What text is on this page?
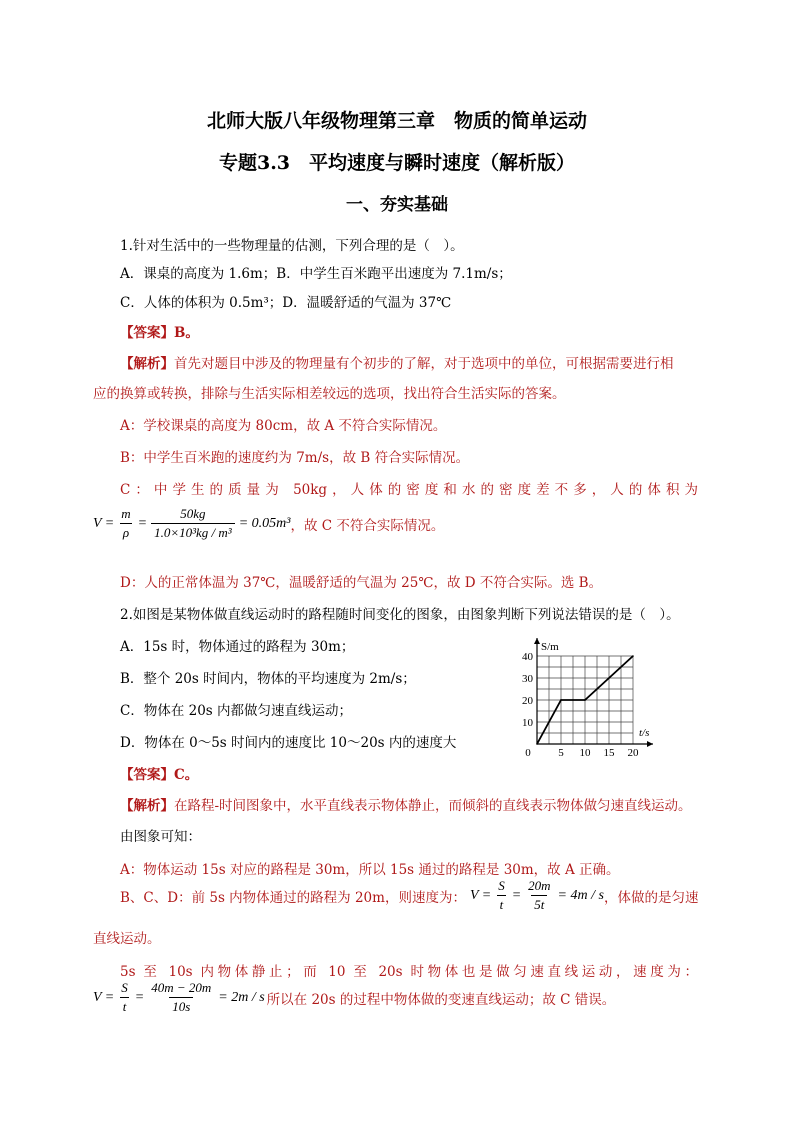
北师大版八年级物理第三章　物质的简单运动
专题3.3　平均速度与瞬时速度（解析版）
一、夯实基础
1.针对生活中的一些物理量的估测，下列合理的是（　）。
A．课桌的高度为 1.6m；B．中学生百米跑平出速度为 7.1m/s；
C．人体的体积为 0.5m³；D．温暖舒适的气温为 37℃
【答案】B。
【解析】首先对题目中涉及的物理量有个初步的了解，对于选项中的单位，可根据需要进行相
应的换算或转换，排除与生活实际相差较远的选项，找出符合生活实际的答案。
A：学校课桌的高度为 80cm，故 A 不符合实际情况。
B：中学生百米跑的速度约为 7m/s，故 B 符合实际情况。
C：中学生的质量为 50kg，人体的密度和水的密度差不多，人的体积为
$V = \frac{m}{\rho} = \frac{50kg}{\text{1.0×10³kg / m³}} = 0.05m^3$ ，故 C 不符合实际情况。
D：人的正常体温为 37℃，温暖舒适的气温为 25℃，故 D 不符合实际。选 B。
2.如图是某物体做直线运动时的路程随时间变化的图象，由图象判断下列说法错误的是（　）。
A．15s 时，物体通过的路程为 30m；
B．整个 20s 时间内，物体的平均速度为 2m/s；
C．物体在 20s 内都做匀速直线运动；
D．物体在 0～5s 时间内的速度比 10～20s 内的速度大
0	5 10 15 20
10
20
30
40
S/m
t/s
【答案】C。
【解析】在路程-时间图象中，水平直线表示物体静止，而倾斜的直线表示物体做匀速直线运动。
由图象可知：
A：物体运动 15s 对应的路程是 30m，所以 15s 通过的路程是 30m，故 A 正确。
B、C、D：前 5s 内物体通过的路程为 20m，则速度为： $V = \frac{S}{t} = \frac{20m}{5t} = 4m / s$ ，体做的是匀速
直线运动。
5s 至 10s 内物体静止；而 10 至 20s 时物体也是做匀速直线运动，速度为：
$V = \frac{S}{t} = \frac{40m - 20m}{10s} = 2m / s$ 所以在 20s 的过程中物体做的变速直线运动；故 C 错误。
